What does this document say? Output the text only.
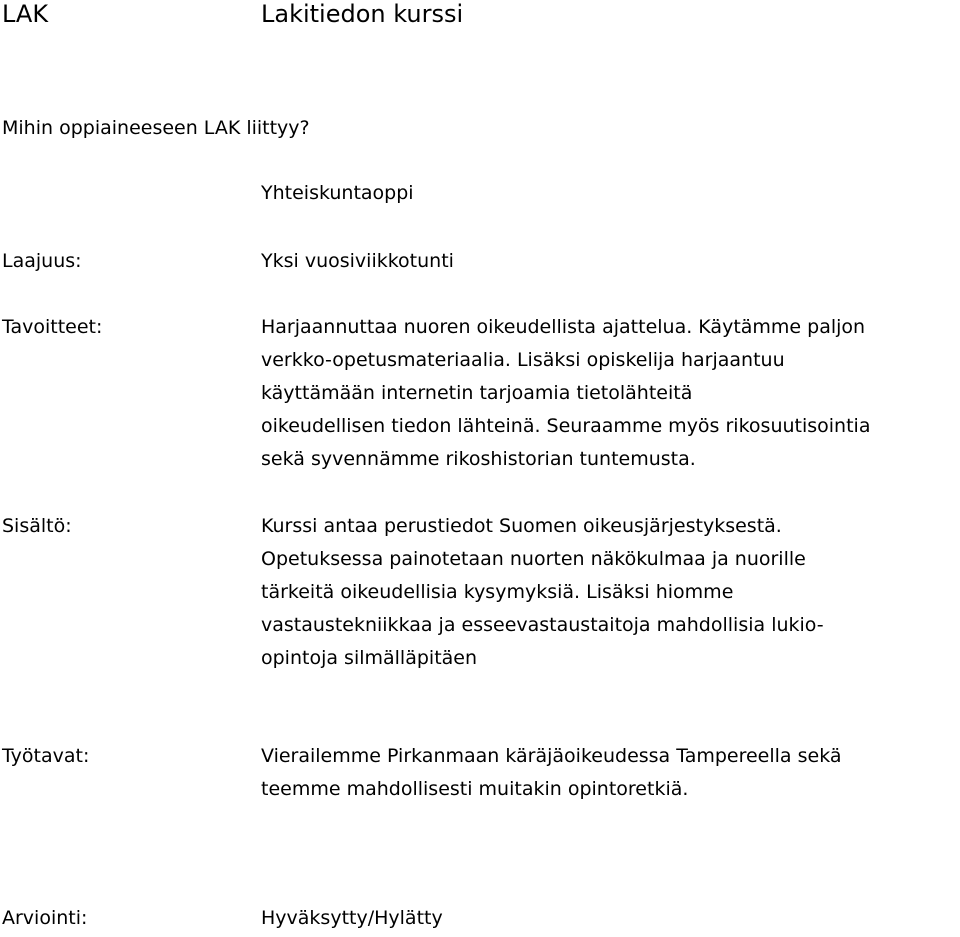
LAK	Lakitiedon kurssi
Mihin oppiaineeseen LAK liittyy?
Yhteiskuntaoppi
Laajuus:	Yksi vuosiviikkotunti
Tavoitteet:	Harjaannuttaa nuoren oikeudellista ajattelua. Käytämme paljon
verkko-opetusmateriaalia. Lisäksi opiskelija harjaantuu
käyttämään internetin tarjoamia tietolähteitä
oikeudellisen tiedon lähteinä. Seuraamme myös rikosuutisointia
sekä syvennämme rikoshistorian tuntemusta.
Sisältö:	Kurssi antaa perustiedot Suomen oikeusjärjestyksestä.
Opetuksessa painotetaan nuorten näkökulmaa ja nuorille
tärkeitä oikeudellisia kysymyksiä. Lisäksi hiomme
vastaustekniikkaa ja esseevastaustaitoja mahdollisia lukio-
opintoja silmälläpitäen
Työtavat:	Vierailemme Pirkanmaan käräjäoikeudessa Tampereella sekä
teemme mahdollisesti muitakin opintoretkiä.
Arviointi:	Hyväksytty/Hylätty
